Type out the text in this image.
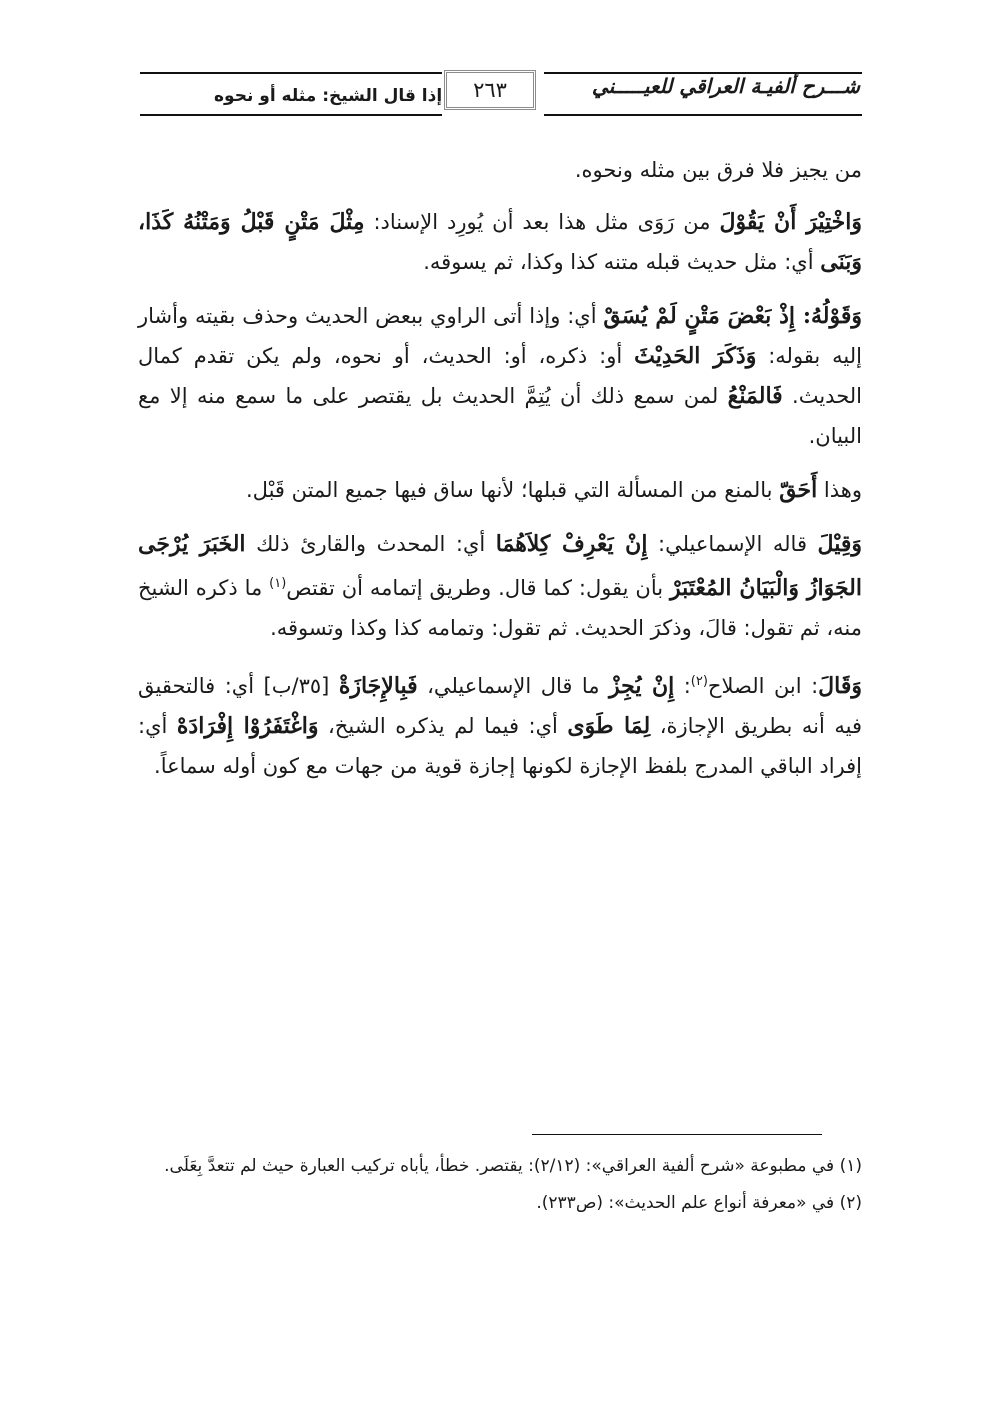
شـــرح ألفيـة العراقي للعيـــــني
٢٦٣
إذا قال الشيخ: مثله أو نحوه

من يجيز فلا فرق بين مثله ونحوه.

وَاخْتِيْرَ أَنْ يَقُوْلَ من رَوَى مثل هذا بعد أن يُورِد الإسناد: مِثْلَ مَتْنٍ قَبْلُ وَمَتْنُهُ كَذَا، وَبَنَى أي: مثل حديث قبله متنه كذا وكذا، ثم يسوقه.

وَقَوْلُهُ: إِذْ بَعْضَ مَتْنٍ لَمْ يُسَقْ أي: وإذا أتى الراوي ببعض الحديث وحذف بقيته وأشار إليه بقوله: وَذَكَرَ الحَدِيْثَ أو: ذكره، أو: الحديث، أو نحوه، ولم يكن تقدم كمال الحديث. فَالمَنْعُ لمن سمع ذلك أن يُتِمَّ الحديث بل يقتصر على ما سمع منه إلا مع البيان.

وهذا أَحَقّ بالمنع من المسألة التي قبلها؛ لأنها ساق فيها جميع المتن قَبْل.

وَقِيْلَ قاله الإسماعيلي: إِنْ يَعْرِفْ كِلاَهُمَا أي: المحدث والقارئ ذلك الخَبَرَ يُرْجَى الجَوَازُ وَالْبَيَانُ المُعْتَبَرْ بأن يقول: كما قال. وطريق إتمامه أن تقتص$^{(١)}$ ما ذكره الشيخ منه، ثم تقول: قالَ، وذكرَ الحديث. ثم تقول: وتمامه كذا وكذا وتسوقه.

وَقَالَ: ابن الصلاح$^{(٢)}$: إِنْ يُجِزْ ما قال الإسماعيلي، فَبِالإِجَازَةْ [٣٥/ب] أي: فالتحقيق فيه أنه بطريق الإجازة، لِمَا طَوَى أي: فيما لم يذكره الشيخ، وَاغْتَفَرُوْا إِفْرَادَهْ أي: إفراد الباقي المدرج بلفظ الإجازة لكونها إجازة قوية من جهات مع كون أوله سماعاً.

(١) في مطبوعة «شرح ألفية العراقي»: (٢/١٢): يقتصر. خطأ، يأباه تركيب العبارة حيث لم تتعدَّ بِعَلَى.

(٢) في «معرفة أنواع علم الحديث»: (ص٢٣٣).
